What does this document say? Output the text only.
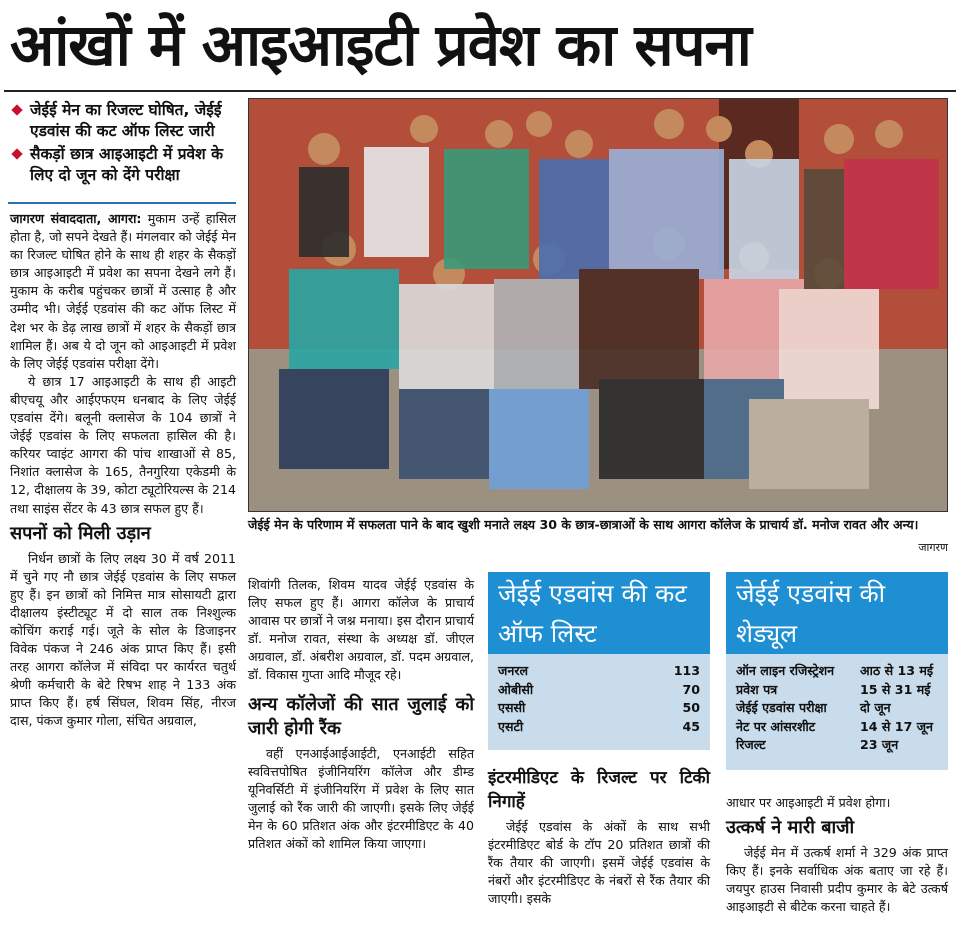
आंखों में आइआइटी प्रवेश का सपना
जेईई मेन का रिजल्ट घोषित, जेईई एडवांस की कट ऑफ लिस्ट जारी
सैकड़ों छात्र आइआइटी में प्रवेश के लिए दो जून को देंगे परीक्षा

जागरण संवाददाता, आगरा: मुकाम उन्हें हासिल होता है, जो सपने देखते हैं। मंगलवार को जेईई मेन का रिजल्ट घोषित होने के साथ ही शहर के सैकड़ों छात्र आइआइटी में प्रवेश का सपना देखने लगे हैं। मुकाम के करीब पहुंचकर छात्रों में उत्साह है और उम्मीद भी। जेईई एडवांस की कट ऑफ लिस्ट में देश भर के डेढ़ लाख छात्रों में शहर के सैकड़ों छात्र शामिल हैं। अब ये दो जून को आइआइटी में प्रवेश के लिए जेईई एडवांस परीक्षा देंगे।

ये छात्र 17 आइआइटी के साथ ही आइटी बीएचयू और आईएफएम धनबाद के लिए जेईई एडवांस देंगे। बलूनी क्लासेज के 104 छात्रों ने जेईई एडवांस के लिए सफलता हासिल की है। करियर प्वाइंट आगरा की पांच शाखाओं से 85, निशांत क्लासेज के 165, तैनगुरिया एकेडमी के 12, दीक्षालय के 39, कोटा ट्यूटोरियल्स के 214 तथा साइंस सेंटर के 43 छात्र सफल हुए हैं।

सपनों को मिली उड़ान

निर्धन छात्रों के लिए लक्ष्य 30 में वर्ष 2011 में चुने गए नौ छात्र जेईई एडवांस के लिए सफल हुए हैं। इन छात्रों को निमित्त मात्र सोसायटी द्वारा दीक्षालय इंस्टीट्यूट में दो साल तक निश्शुल्क कोचिंग कराई गई। जूते के सोल के डिजाइनर विवेक पंकज ने 246 अंक प्राप्त किए हैं। इसी तरह आगरा कॉलेज में संविदा पर कार्यरत चतुर्थ श्रेणी कर्मचारी के बेटे रिषभ शाह ने 133 अंक प्राप्त किए हैं। हर्ष सिंघल, शिवम सिंह, नीरज दास, पंकज कुमार गोला, संचित अग्रवाल,

जेईई मेन के परिणाम में सफलता पाने के बाद खुशी मनाते लक्ष्य 30 के छात्र-छात्राओं के साथ आगरा कॉलेज के प्राचार्य डॉ. मनोज रावत और अन्य।
जागरण

शिवांगी तिलक, शिवम यादव जेईई एडवांस के लिए सफल हुए हैं। आगरा कॉलेज के प्राचार्य आवास पर छात्रों ने जश्न मनाया। इस दौरान प्राचार्य डॉ. मनोज रावत, संस्था के अध्यक्ष डॉ. जीएल अग्रवाल, डॉ. अंबरीश अग्रवाल, डॉ. पदम अग्रवाल, डॉ. विकास गुप्ता आदि मौजूद रहे।

अन्य कॉलेजों की सात जुलाई को जारी होगी रैंक

वहीं एनआईआईआईटी, एनआईटी सहित स्ववित्तपोषित इंजीनियरिंग कॉलेज और डीम्ड यूनिवर्सिटी में इंजीनियरिंग में प्रवेश के लिए सात जुलाई को रैंक जारी की जाएगी। इसके लिए जेईई मेन के 60 प्रतिशत अंक और इंटरमीडिएट के 40 प्रतिशत अंकों को शामिल किया जाएगा।

जेईई एडवांस की कट ऑफ लिस्ट
जनरल	113
ओबीसी	70
एससी	50
एसटी	45
जेईई एडवांस की शेड्यूल
ऑन लाइन रजिस्ट्रेशन	आठ से 13 मई
प्रवेश पत्र	15 से 31 मई
जेईई एडवांस परीक्षा	दो जून
नेट पर आंसरशीट	14 से 17 जून
रिजल्ट	23 जून
इंटरमीडिएट के रिजल्ट पर टिकी निगाहें

जेईई एडवांस के अंकों के साथ सभी इंटरमीडिएट बोर्ड के टॉप 20 प्रतिशत छात्रों की रैंक तैयार की जाएगी। इसमें जेईई एडवांस के नंबरों और इंटरमीडिएट के नंबरों से रैंक तैयार की जाएगी। इसके

आधार पर आइआइटी में प्रवेश होगा।

उत्कर्ष ने मारी बाजी

जेईई मेन में उत्कर्ष शर्मा ने 329 अंक प्राप्त किए हैं। इनके सर्वाधिक अंक बताए जा रहे हैं। जयपुर हाउस निवासी प्रदीप कुमार के बेटे उत्कर्ष आइआइटी से बीटेक करना चाहते हैं।
